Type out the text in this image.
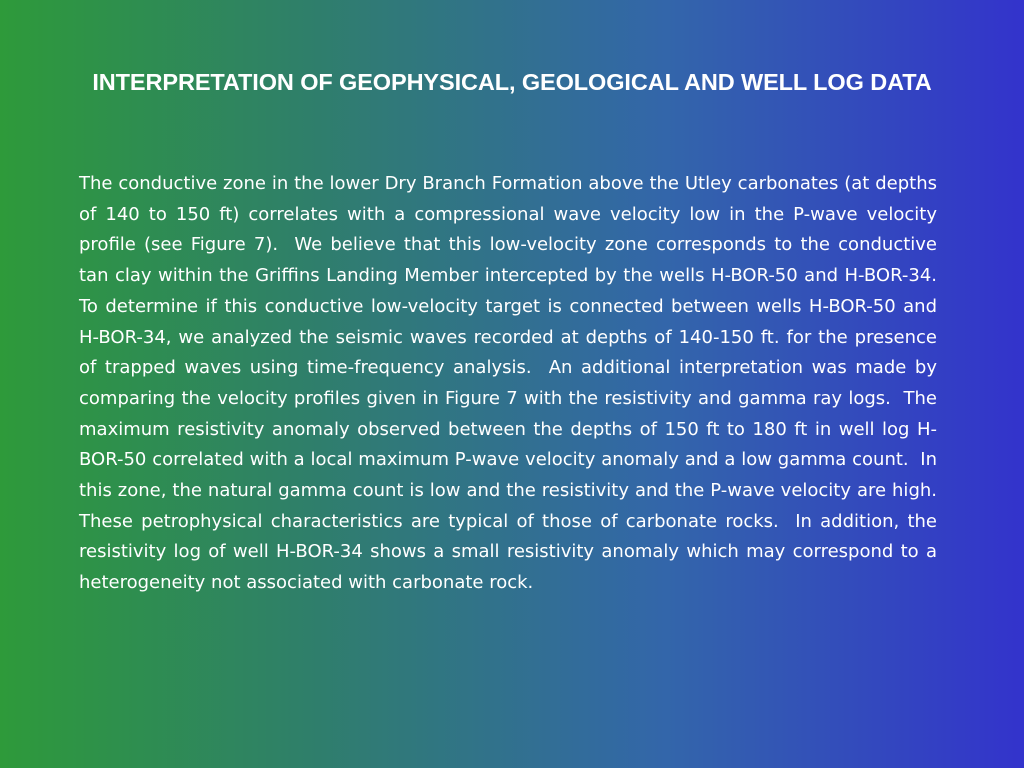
INTERPRETATION OF GEOPHYSICAL, GEOLOGICAL AND WELL LOG DATA

The conductive zone in the lower Dry Branch Formation above the Utley carbonates (at depths of 140 to 150 ft) correlates with a compressional wave velocity low in the P-wave velocity profile (see Figure 7).  We believe that this low-velocity zone corresponds to the conductive tan clay within the Griffins Landing Member intercepted by the wells H-BOR-50 and H-BOR-34.  To determine if this conductive low-velocity target is connected between wells H-BOR-50 and H-BOR-34, we analyzed the seismic waves recorded at depths of 140-150 ft. for the presence of trapped waves using time-frequency analysis.  An additional interpretation was made by comparing the velocity profiles given in Figure 7 with the resistivity and gamma ray logs.  The maximum resistivity anomaly observed between the depths of 150 ft to 180 ft in well log H-BOR-50 correlated with a local maximum P-wave velocity anomaly and a low gamma count.  In this zone, the natural gamma count is low and the resistivity and the P-wave velocity are high.  These petrophysical characteristics are typical of those of carbonate rocks.  In addition, the resistivity log of well H-BOR-34 shows a small resistivity anomaly which may correspond to a heterogeneity not associated with carbonate rock.
